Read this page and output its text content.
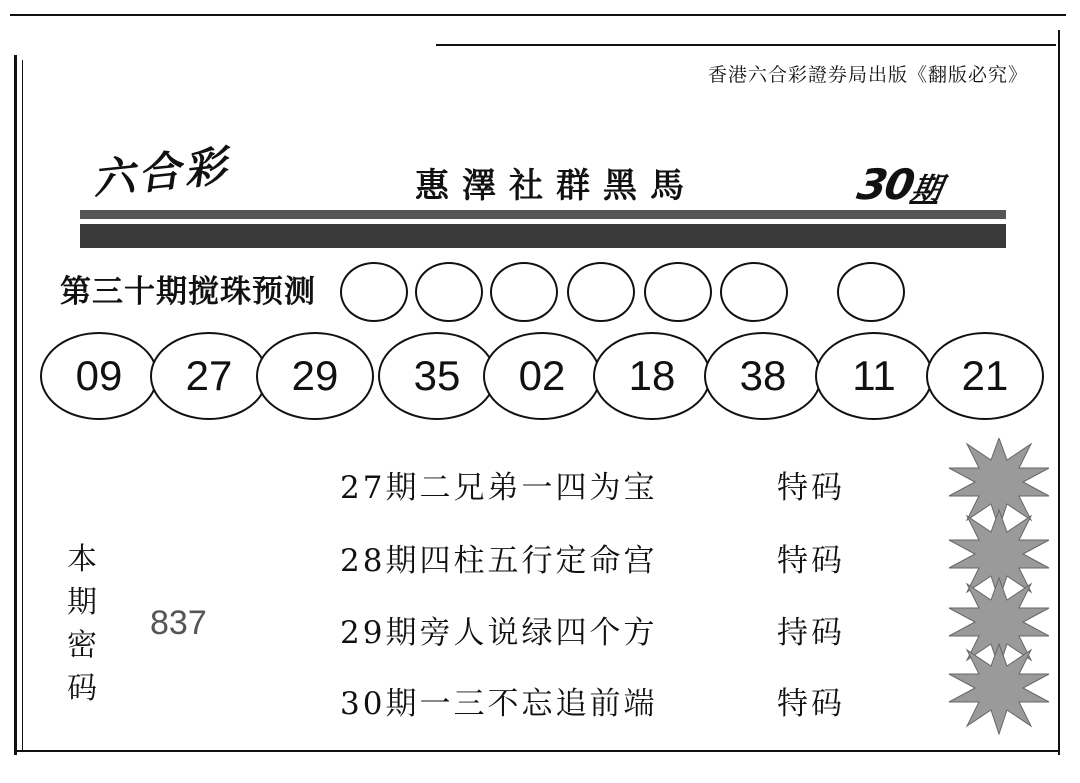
香港六合彩證券局出版《翻版必究》
六合彩	惠澤社群黑馬	30期
第三十期搅珠预测
09	27	29	35	02	18	38	11	21
本
期
密
码
837
27期二兄弟一四为宝	特码
28期四柱五行定命宫	特码
29期旁人说绿四个方	持码
30期一三不忘追前端	特码
